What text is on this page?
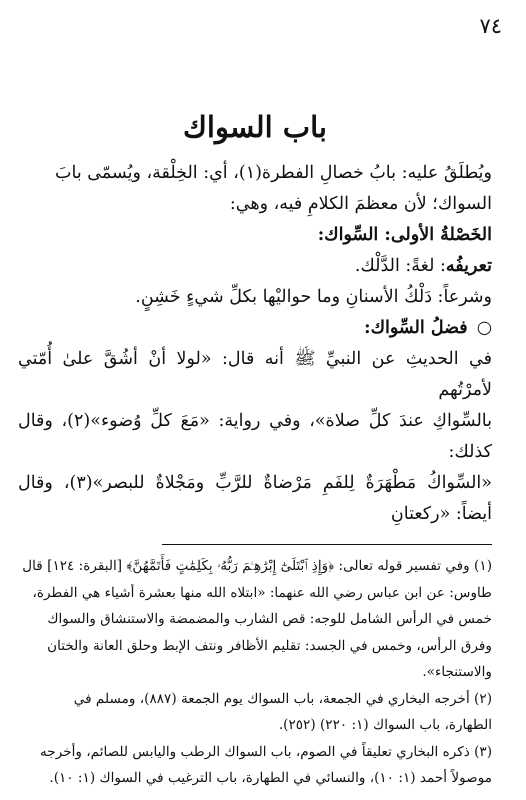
٧٤
باب السواك

ويُطلَقُ عليه: بابُ خصالِ الفطرة(١)، أي: الخِلْقة، ويُسمّى بابَ

السواك؛ لأن معظمَ الكلامِ فيه، وهي:

الخَصْلةُ الأولى: السِّواك:

تعريفُه: لغةً: الدَّلْك.

وشرعاً: دَلْكُ الأسنانِ وما حواليْها بكلِّ شيءٍ خَشِنٍ.

○ فضلُ السِّواك:

في الحديثِ عن النبيِّ ﷺ أنه قال: «لولا أنْ أشُقَّ علىٰ أُمّتي لأمرْتُهم

بالسِّواكِ عندَ كلِّ صلاة»، وفي رواية: «مَعَ كلِّ وُضوء»(٢)، وقال كذلك:

«السِّواكُ مَطْهَرَةٌ لِلفَمِ مَرْضاةٌ للرَّبِّ ومَجْلاةٌ للبصر»(٣)، وقال أيضاً: «ركعتانِ

(١) وفي تفسير قوله تعالى: ﴿وَإِذِ ٱبْتَلَىٰٓ إِبْرَٰهِـۧمَ رَبُّهُۥ بِكَلِمَٰتٍ فَأَتَمَّهُنَّ﴾ [البقرة: ١٢٤] قال

طاوس: عن ابن عباس رضي الله عنهما: «ابتلاه الله منها بعشرة أشياء هي الفطرة،

خمس في الرأس الشامل للوجه: قص الشارب والمضمضة والاستنشاق والسواك

وفرق الرأس، وخمس في الجسد: تقليم الأظافر ونتف الإبط وحلق العانة والختان

والاستنجاء».

(٢) أخرجه البخاري في الجمعة، باب السواك يوم الجمعة (٨٨٧)، ومسلم في

الطهارة، باب السواك (١: ٢٢٠) (٢٥٢).

(٣) ذكره البخاري تعليقاً في الصوم، باب السواك الرطب واليابس للصائم، وأخرجه

موصولاً أحمد (١: ١٠)، والنسائي في الطهارة، باب الترغيب في السواك (١: ١٠).
